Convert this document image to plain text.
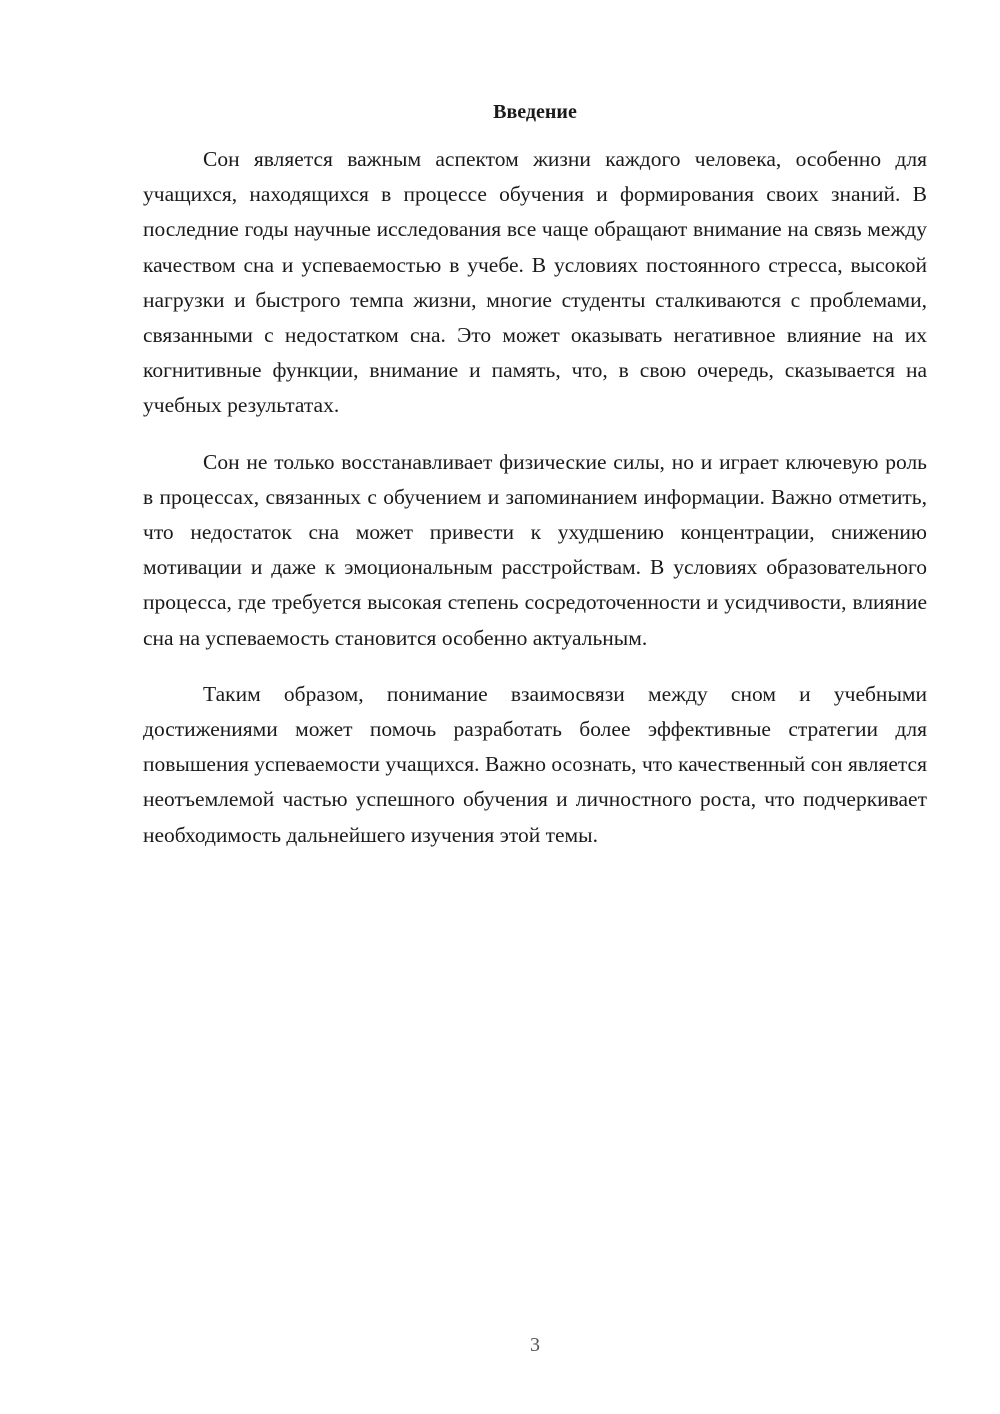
Введение

Сон является важным аспектом жизни каждого человека, особенно для учащихся, находящихся в процессе обучения и формирования своих знаний. В последние годы научные исследования все чаще обращают внимание на связь между качеством сна и успеваемостью в учебе. В условиях постоянного стресса, высокой нагрузки и быстрого темпа жизни, многие студенты сталкиваются с проблемами, связанными с недостатком сна. Это может оказывать негативное влияние на их когнитивные функции, внимание и память, что, в свою очередь, сказывается на учебных результатах.

Сон не только восстанавливает физические силы, но и играет ключевую роль в процессах, связанных с обучением и запоминанием информации. Важно отметить, что недостаток сна может привести к ухудшению концентрации, снижению мотивации и даже к эмоциональным расстройствам. В условиях образовательного процесса, где требуется высокая степень сосредоточенности и усидчивости, влияние сна на успеваемость становится особенно актуальным.

Таким образом, понимание взаимосвязи между сном и учебными достижениями может помочь разработать более эффективные стратегии для повышения успеваемости учащихся. Важно осознать, что качественный сон является неотъемлемой частью успешного обучения и личностного роста, что подчеркивает необходимость дальнейшего изучения этой темы.

3
